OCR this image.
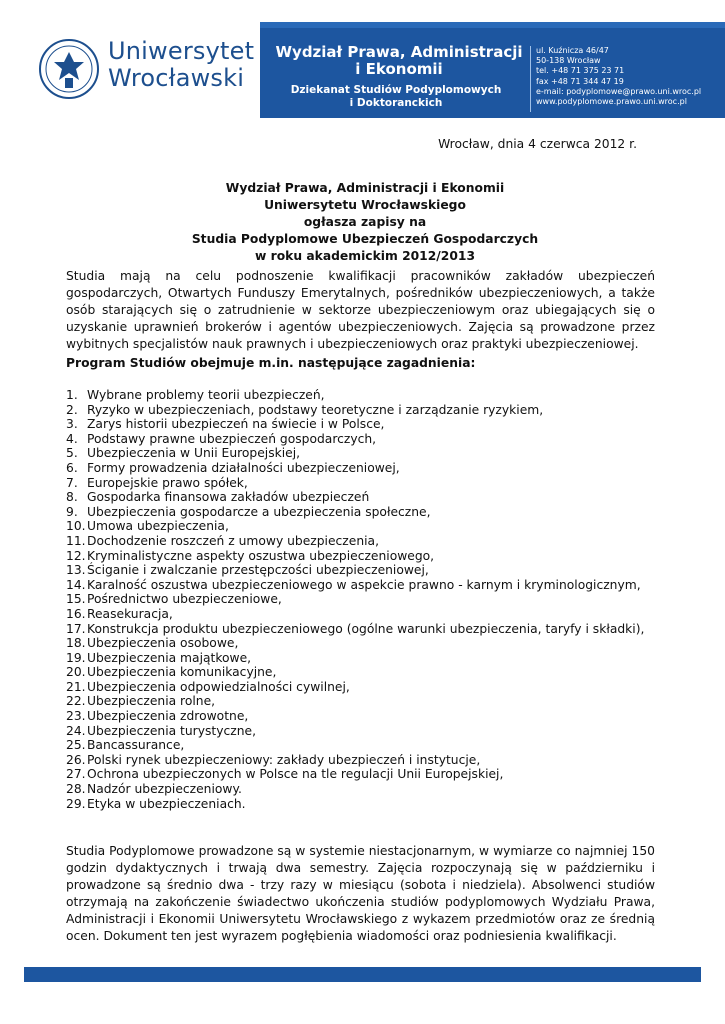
Uniwersytet
Wrocławski
Wydział Prawa, Administracji
i Ekonomii
Dziekanat Studiów Podyplomowych
i Doktoranckich
ul. Kuźnicza 46/47
50-138 Wrocław
tel. +48 71 375 23 71
fax +48 71 344 47 19
e-mail: podyplomowe@prawo.uni.wroc.pl
www.podyplomowe.prawo.uni.wroc.pl
Wrocław, dnia 4 czerwca 2012 r.
Wydział Prawa, Administracji i Ekonomii
Uniwersytetu Wrocławskiego
ogłasza zapisy na
Studia Podyplomowe Ubezpieczeń Gospodarczych
w roku akademickim 2012/2013
Studia mają na celu podnoszenie kwalifikacji pracowników zakładów ubezpieczeń gospodarczych, Otwartych Funduszy Emerytalnych, pośredników ubezpieczeniowych, a także osób starających się o zatrudnienie w sektorze ubezpieczeniowym oraz ubiegających się o uzyskanie uprawnień brokerów i agentów ubezpieczeniowych. Zajęcia są prowadzone przez wybitnych specjalistów nauk prawnych i ubezpieczeniowych oraz praktyki ubezpieczeniowej.
Program Studiów obejmuje m.in. następujące zagadnienia:
1. Wybrane problemy teorii ubezpieczeń,
2. Ryzyko w ubezpieczeniach, podstawy teoretyczne i zarządzanie ryzykiem,
3. Zarys historii ubezpieczeń na świecie i w Polsce,
4. Podstawy prawne ubezpieczeń gospodarczych,
5. Ubezpieczenia w Unii Europejskiej,
6. Formy prowadzenia działalności ubezpieczeniowej,
7. Europejskie prawo spółek,
8. Gospodarka finansowa zakładów ubezpieczeń
9. Ubezpieczenia gospodarcze a ubezpieczenia społeczne,
10. Umowa ubezpieczenia,
11. Dochodzenie roszczeń z umowy ubezpieczenia,
12. Kryminalistyczne aspekty oszustwa ubezpieczeniowego,
13. Ściganie i zwalczanie przestępczości ubezpieczeniowej,
14. Karalność oszustwa ubezpieczeniowego w aspekcie prawno - karnym i kryminologicznym,
15. Pośrednictwo ubezpieczeniowe,
16. Reasekuracja,
17. Konstrukcja produktu ubezpieczeniowego (ogólne warunki ubezpieczenia, taryfy i składki),
18. Ubezpieczenia osobowe,
19. Ubezpieczenia majątkowe,
20. Ubezpieczenia komunikacyjne,
21. Ubezpieczenia odpowiedzialności cywilnej,
22. Ubezpieczenia rolne,
23. Ubezpieczenia zdrowotne,
24. Ubezpieczenia turystyczne,
25. Bancassurance,
26. Polski rynek ubezpieczeniowy: zakłady ubezpieczeń i instytucje,
27. Ochrona ubezpieczonych w Polsce na tle regulacji Unii Europejskiej,
28. Nadzór ubezpieczeniowy.
29. Etyka w ubezpieczeniach.
Studia Podyplomowe prowadzone są w systemie niestacjonarnym, w wymiarze co najmniej 150 godzin dydaktycznych i trwają dwa semestry. Zajęcia rozpoczynają się w październiku i prowadzone są średnio dwa - trzy razy w miesiącu (sobota i niedziela). Absolwenci studiów otrzymają na zakończenie świadectwo ukończenia studiów podyplomowych Wydziału Prawa, Administracji i Ekonomii Uniwersytetu Wrocławskiego z wykazem przedmiotów oraz ze średnią ocen. Dokument ten jest wyrazem pogłębienia wiadomości oraz podniesienia kwalifikacji.
